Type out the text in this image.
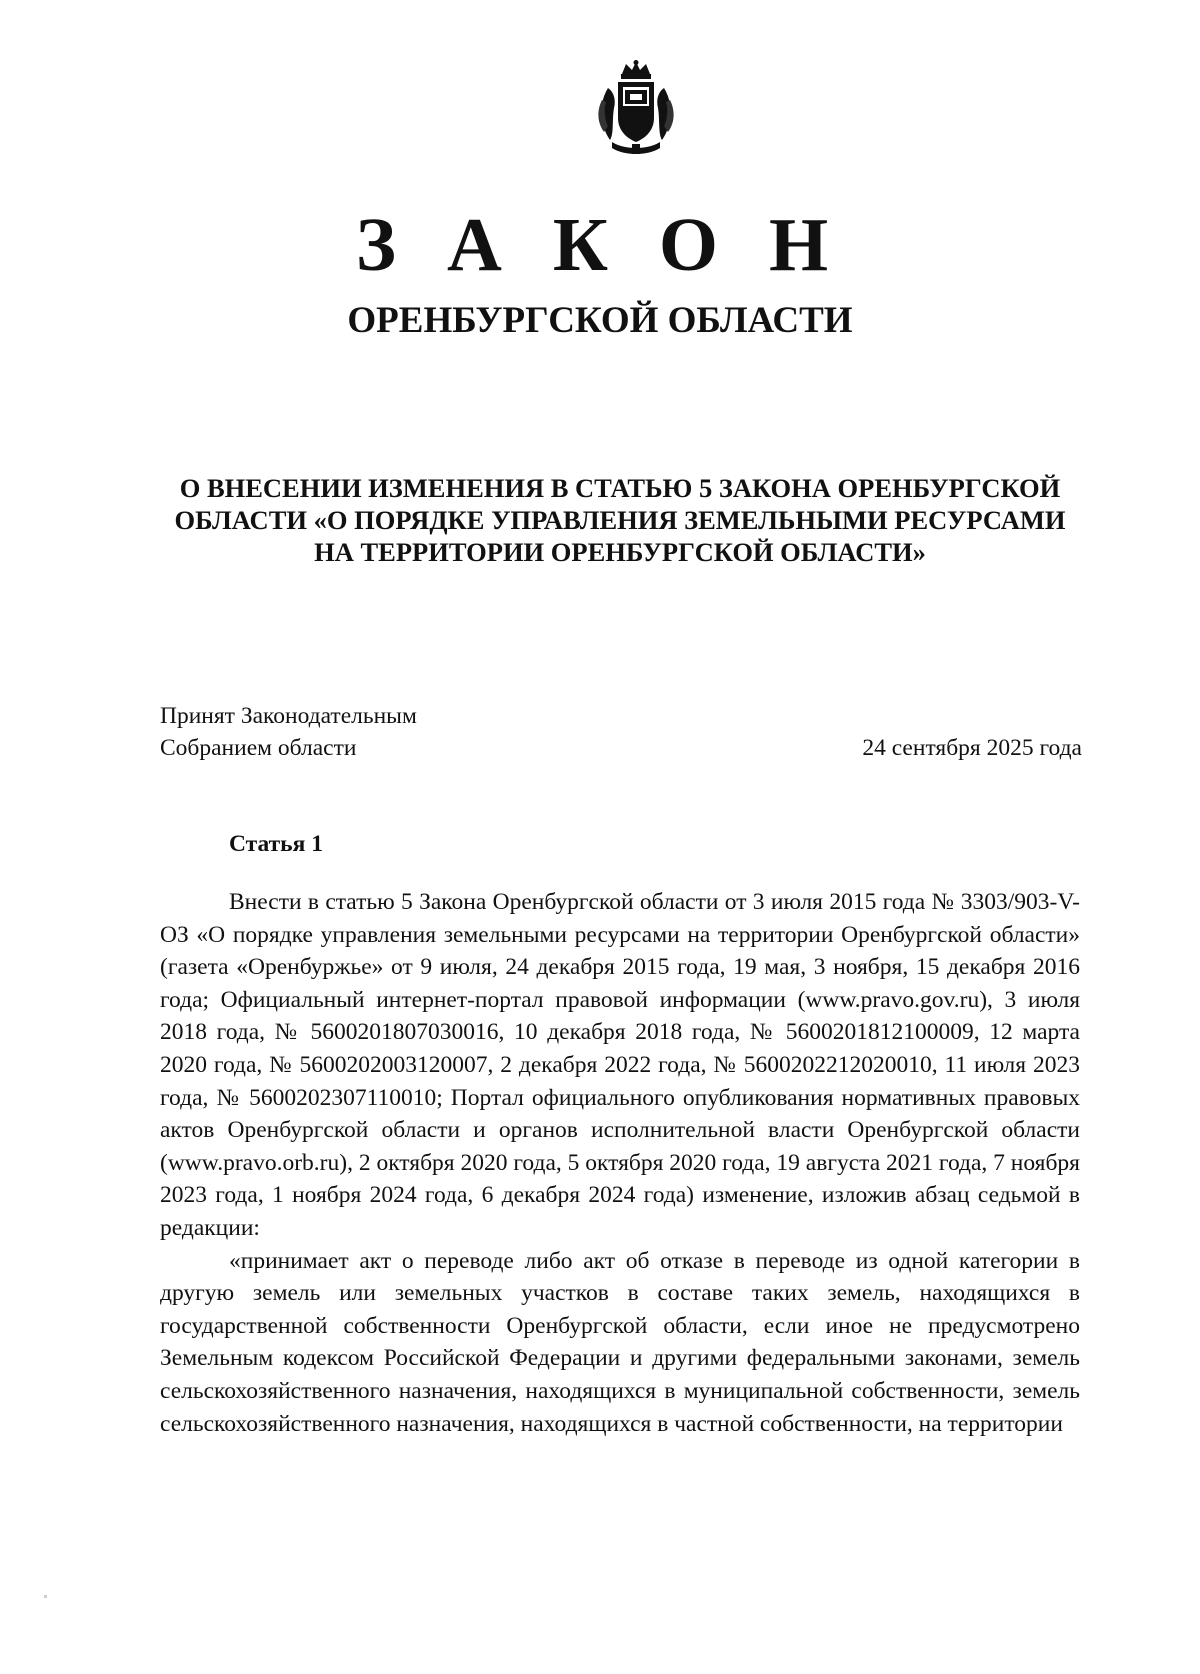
З А К О Н
ОРЕНБУРГСКОЙ ОБЛАСТИ
О ВНЕСЕНИИ ИЗМЕНЕНИЯ В СТАТЬЮ 5 ЗАКОНА ОРЕНБУРГСКОЙ ОБЛАСТИ «О ПОРЯДКЕ УПРАВЛЕНИЯ ЗЕМЕЛЬНЫМИ РЕСУРСАМИ НА ТЕРРИТОРИИ ОРЕНБУРГСКОЙ ОБЛАСТИ»
Принят Законодательным
Собранием области	24 сентября 2025 года
Статья 1

Внести в статью 5 Закона Оренбургской области от 3 июля 2015 года № 3303/903-V-ОЗ «О порядке управления земельными ресурсами на территории Оренбургской области» (газета «Оренбуржье» от 9 июля, 24 декабря 2015 года, 19 мая, 3 ноября, 15 декабря 2016 года; Официальный интернет-портал правовой информации (www.pravo.gov.ru), 3 июля 2018 года, № 5600201807030016, 10 декабря 2018 года, № 5600201812100009, 12 марта 2020 года, № 5600202003120007, 2 декабря 2022 года, № 5600202212020010, 11 июля 2023 года, № 5600202307110010; Портал официального опубликования нормативных правовых актов Оренбургской области и органов исполнительной власти Оренбургской области (www.pravo.orb.ru), 2 октября 2020 года, 5 октября 2020 года, 19 августа 2021 года, 7 ноября 2023 года, 1 ноября 2024 года, 6 декабря 2024 года) изменение, изложив абзац седьмой в редакции:

«принимает акт о переводе либо акт об отказе в переводе из одной категории в другую земель или земельных участков в составе таких земель, находящихся в государственной собственности Оренбургской области, если иное не предусмотрено Земельным кодексом Российской Федерации и другими федеральными законами, земель сельскохозяйственного назначения, находящихся в муниципальной собственности, земель сельскохозяйственного назначения, находящихся в частной собственности, на территории
